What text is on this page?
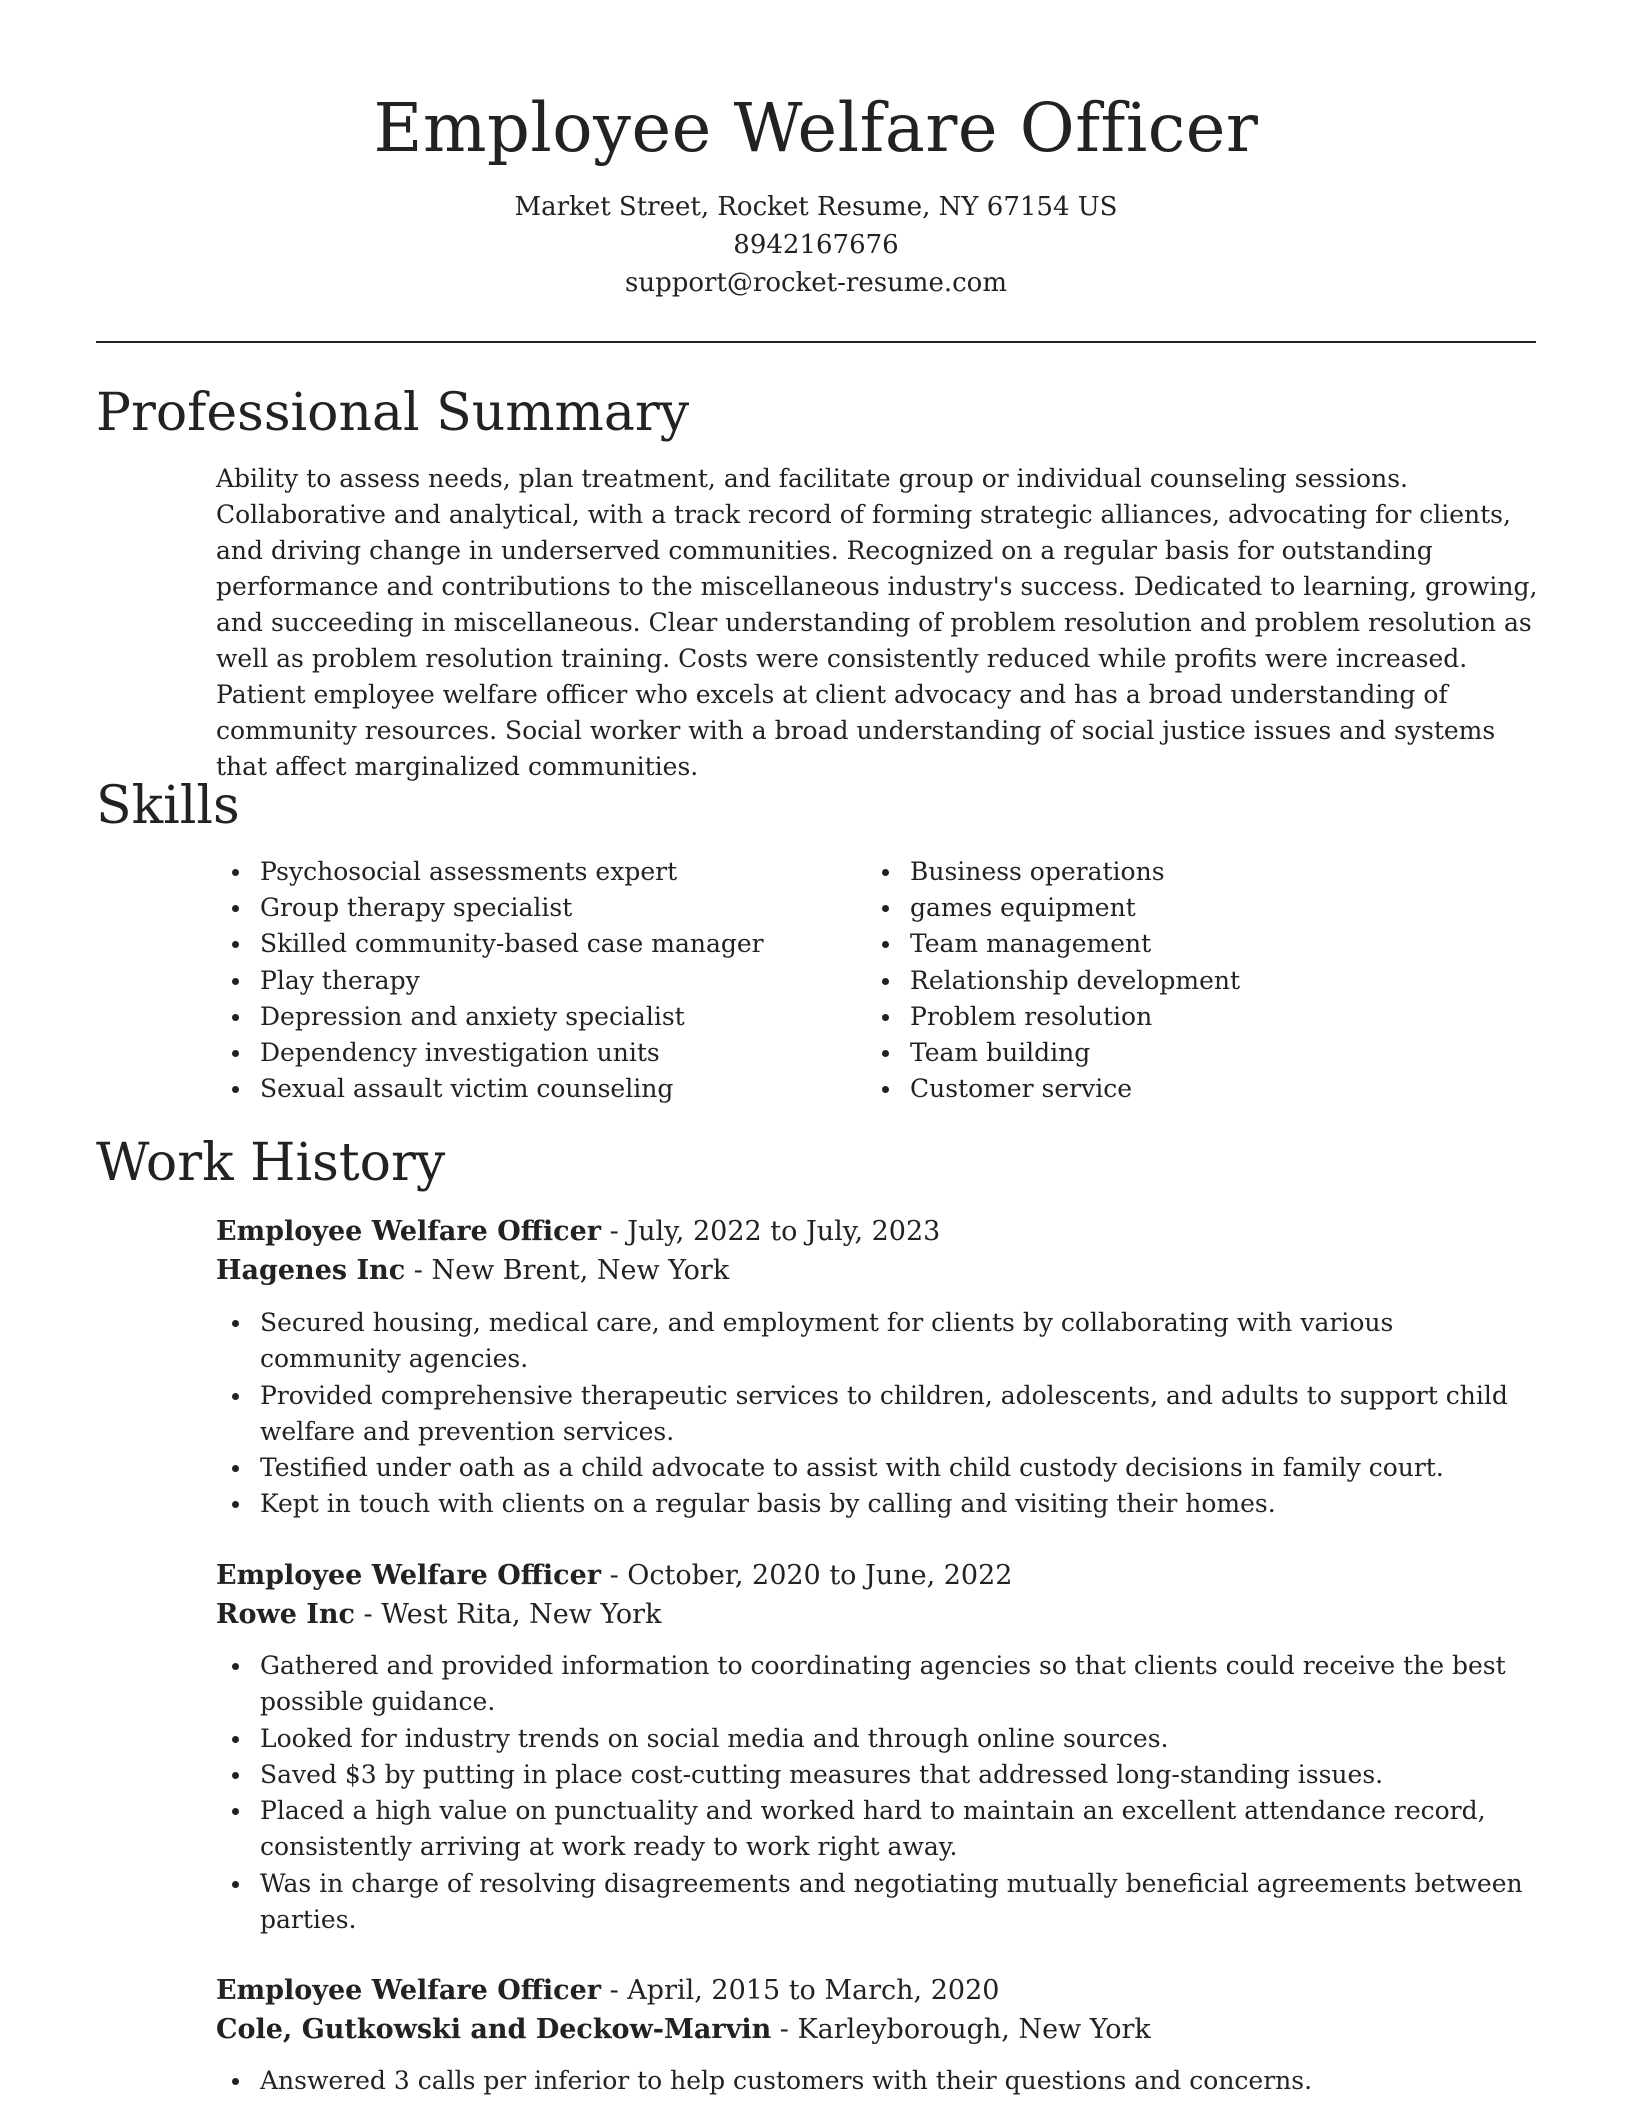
Employee Welfare Officer

Market Street, Rocket Resume, NY 67154 US

8942167676

support@rocket-resume.com

Professional Summary

Ability to assess needs, plan treatment, and facilitate group or individual counseling sessions. Collaborative and analytical, with a track record of forming strategic alliances, advocating for clients, and driving change in underserved communities. Recognized on a regular basis for outstanding performance and contributions to the miscellaneous industry's success. Dedicated to learning, growing, and succeeding in miscellaneous. Clear understanding of problem resolution and problem resolution as well as problem resolution training. Costs were consistently reduced while profits were increased. Patient employee welfare officer who excels at client advocacy and has a broad understanding of community resources. Social worker with a broad understanding of social justice issues and systems that affect marginalized communities.

Skills
Psychosocial assessments expert
Group therapy specialist
Skilled community-based case manager
Play therapy
Depression and anxiety specialist
Dependency investigation units
Sexual assault victim counseling
Business operations
games equipment
Team management
Relationship development
Problem resolution
Team building
Customer service
Work History

Employee Welfare Officer - July, 2022 to July, 2023

Hagenes Inc - New Brent, New York

Secured housing, medical care, and employment for clients by collaborating with various community agencies.
Provided comprehensive therapeutic services to children, adolescents, and adults to support child welfare and prevention services.
Testified under oath as a child advocate to assist with child custody decisions in family court.
Kept in touch with clients on a regular basis by calling and visiting their homes.

Employee Welfare Officer - October, 2020 to June, 2022

Rowe Inc - West Rita, New York

Gathered and provided information to coordinating agencies so that clients could receive the best possible guidance.
Looked for industry trends on social media and through online sources.
Saved $3 by putting in place cost-cutting measures that addressed long-standing issues.
Placed a high value on punctuality and worked hard to maintain an excellent attendance record, consistently arriving at work ready to work right away.
Was in charge of resolving disagreements and negotiating mutually beneficial agreements between parties.

Employee Welfare Officer - April, 2015 to March, 2020

Cole, Gutkowski and Deckow-Marvin - Karleyborough, New York

Answered 3 calls per inferior to help customers with their questions and concerns.
